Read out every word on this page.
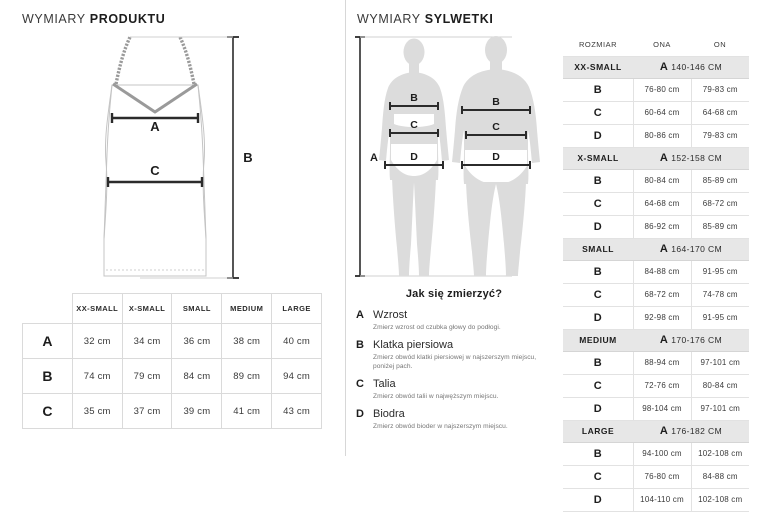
WYMIARY PRODUKTU
A
C
B
	XX-SMALL	X-SMALL	SMALL	MEDIUM	LARGE
A	32 cm	34 cm	36 cm	38 cm	40 cm
B	74 cm	79 cm	84 cm	89 cm	94 cm
C	35 cm	37 cm	39 cm	41 cm	43 cm
WYMIARY SYLWETKI
A
B
C
D
B
C
D
Jak się zmierzyć?
A Wzrost
Zmierz wzrost od czubka głowy do podłogi.
B Klatka piersiowa
Zmierz obwód klatki piersiowej w najszerszym miejscu, poniżej pach.
C Talia
Zmierz obwód talii w najwęższym miejscu.
D Biodra
Zmierz obwód bioder w najszerszym miejscu.
ROZMIAR	ONA	ON
XX-SMALL	A 140-146 CM	
B	76-80 cm	79-83 cm
C	60-64 cm	64-68 cm
D	80-86 cm	79-83 cm
X-SMALL	A 152-158 CM	
B	80-84 cm	85-89 cm
C	64-68 cm	68-72 cm
D	86-92 cm	85-89 cm
SMALL	A 164-170 CM	
B	84-88 cm	91-95 cm
C	68-72 cm	74-78 cm
D	92-98 cm	91-95 cm
MEDIUM	A 170-176 CM	
B	88-94 cm	97-101 cm
C	72-76 cm	80-84 cm
D	98-104 cm	97-101 cm
LARGE	A 176-182 CM	
B	94-100 cm	102-108 cm
C	76-80 cm	84-88 cm
D	104-110 cm	102-108 cm
